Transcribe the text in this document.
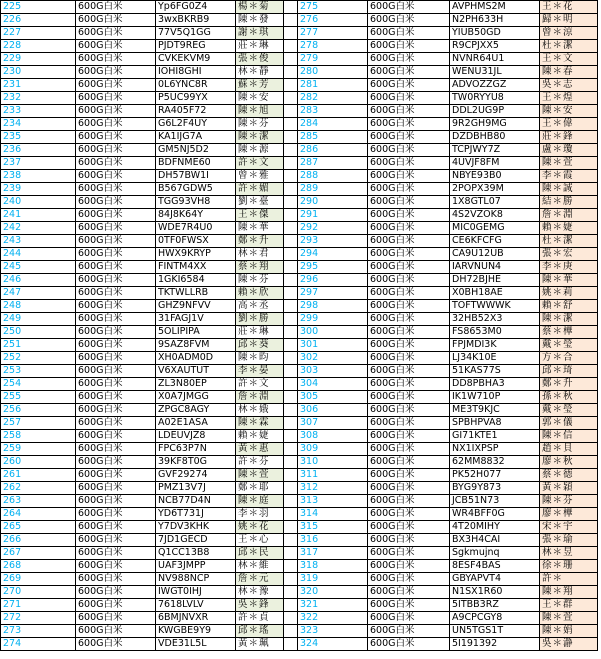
225	600G白米	Yp6FG0Z4	楊＊菊		275	600G白米	AVPHMS2M	王＊花
226	600G白米	3wxBKRB9	陳＊發		276	600G白米	N2PH633H	歸＊明
227	600G白米	77V5Q1GG	謝＊琪		277	600G白米	YIUB50GD	曾＊涼
228	600G白米	PJDT9REG	莊＊琳		278	600G白米	R9CPJXX5	杜＊潔
229	600G白米	CVKEKVM9	張＊俊		279	600G白米	NVNR64U1	王＊文
230	600G白米	IOHI8GHI	林＊靜		280	600G白米	WENU31JL	陳＊春
231	600G白米	0L6YNC8R	蘇＊芳		281	600G白米	ADVOZZGZ	吳＊志
232	600G白米	P5UC99YX	陳＊安		282	600G白米	TW0RYYU8	王＊煌
233	600G白米	RA405F72	陳＊旭		283	600G白米	DDL2UG9P	陳＊安
234	600G白米	G6L2F4UY	陳＊芬		284	600G白米	9R2GH9MG	王＊偉
235	600G白米	KA1IJG7A	陳＊潔		285	600G白米	DZDBHB80	莊＊鋒
236	600G白米	GM5NJ5D2	陳＊源		286	600G白米	TCPJWY7Z	盧＊瓊
237	600G白米	BDFNME60	許＊文		287	600G白米	4UVJF8FM	陳＊萱
238	600G白米	DH57BW1I	曾＊雅		288	600G白米	NBYE93B0	李＊霞
239	600G白米	B567GDW5	許＊媚		289	600G白米	2POPX39M	陳＊誠
240	600G白米	TGG93VH8	劉＊臺		290	600G白米	1X8GTL07	結＊勝
241	600G白米	84J8K64Y	王＊傑		291	600G白米	4S2VZOK8	詹＊淵
242	600G白米	WDE7R4U0	陳＊華		292	600G白米	MIC0GEMG	賴＊婕
243	600G白米	0TF0FWSX	鄭＊升		293	600G白米	CE6KFCFG	杜＊潔
244	600G白米	HWX9KRYP	林＊君		294	600G白米	CA9U12UB	張＊宏
245	600G白米	FINTM4XX	蔡＊翔		295	600G白米	IARVNUN4	李＊庚
246	600G白米	1GKI6584	陳＊芬		296	600G白米	DH72BJHE	陳＊華
247	600G白米	TKTWLLRB	賴＊欣		297	600G白米	X0BH18AE	姚＊莉
248	600G白米	GHZ9NFVV	高＊丞		298	600G白米	TOFTWWWK	賴＊舒
249	600G白米	31FAGJ1V	劉＊勝		299	600G白米	32HB52X3	陳＊潔
250	600G白米	5OLIPIPA	莊＊琳		300	600G白米	FS8653M0	蔡＊樺
251	600G白米	9SAZ8FVM	邱＊葵		301	600G白米	FPJMDI3K	戴＊瑩
252	600G白米	XH0ADM0D	陳＊昀		302	600G白米	LJ34K10E	方＊合
253	600G白米	V6XAUTUT	李＊晏		303	600G白米	51KAS77S	邱＊琦
254	600G白米	ZL3N80EP	許＊文		304	600G白米	DD8PBHA3	鄭＊升
255	600G白米	X0A7JMGG	詹＊淵		305	600G白米	IK1W710P	孫＊秋
256	600G白米	ZPGC8AGY	林＊娥		306	600G白米	ME3T9KJC	戴＊瑩
257	600G白米	A02E1ASA	陳＊霖		307	600G白米	SPBHPVA8	郭＊儀
258	600G白米	LDEUVJZ8	賴＊婕		308	600G白米	GI71KTE1	陳＊信
259	600G白米	FPC63P7N	黃＊惠		309	600G白米	NX1IXPSP	趙＊貝
260	600G白米	39KF8T0G	許＊芬		310	600G白米	62MM8832	廖＊秋
261	600G白米	GVF29274	陳＊萱		311	600G白米	PK52H077	蔡＊德
262	600G白米	PMZ13V7J	鄭＊耶		312	600G白米	BYG9Y873	黃＊穎
263	600G白米	NCB77D4N	陳＊庭		313	600G白米	JCB51N73	陳＊芬
264	600G白米	YD6T731J	李＊羽		314	600G白米	WR4BFF0G	廖＊樺
265	600G白米	Y7DV3KHK	姚＊花		315	600G白米	4T20MIHY	宋＊宇
266	600G白米	7JD1GECD	王＊心		316	600G白米	BX3H4CAI	張＊瑜
267	600G白米	Q1CC13B8	邱＊民		317	600G白米	Sgkmujnq	林＊昱
268	600G白米	UAF3JMPP	林＊維		318	600G白米	8ESF4BAS	徐＊珊
269	600G白米	NV988NCP	詹＊元		319	600G白米	GBYAPVT4	許＊
270	600G白米	IWGT0IHJ	林＊豫		320	600G白米	N1SX1R60	陳＊翔
271	600G白米	7618LVLV	吳＊鋒		321	600G白米	5ITBB3RZ	王＊群
272	600G白米	6BMJNVXR	許＊貞		322	600G白米	A9CPCGY8	陳＊萱
273	600G白米	KWGBE9Y9	邱＊瑤		323	600G白米	UN5TGS1T	陳＊娟
274	600G白米	VDE31L5L	黃＊珮		324	600G白米	5I191392	吳＊瀞
